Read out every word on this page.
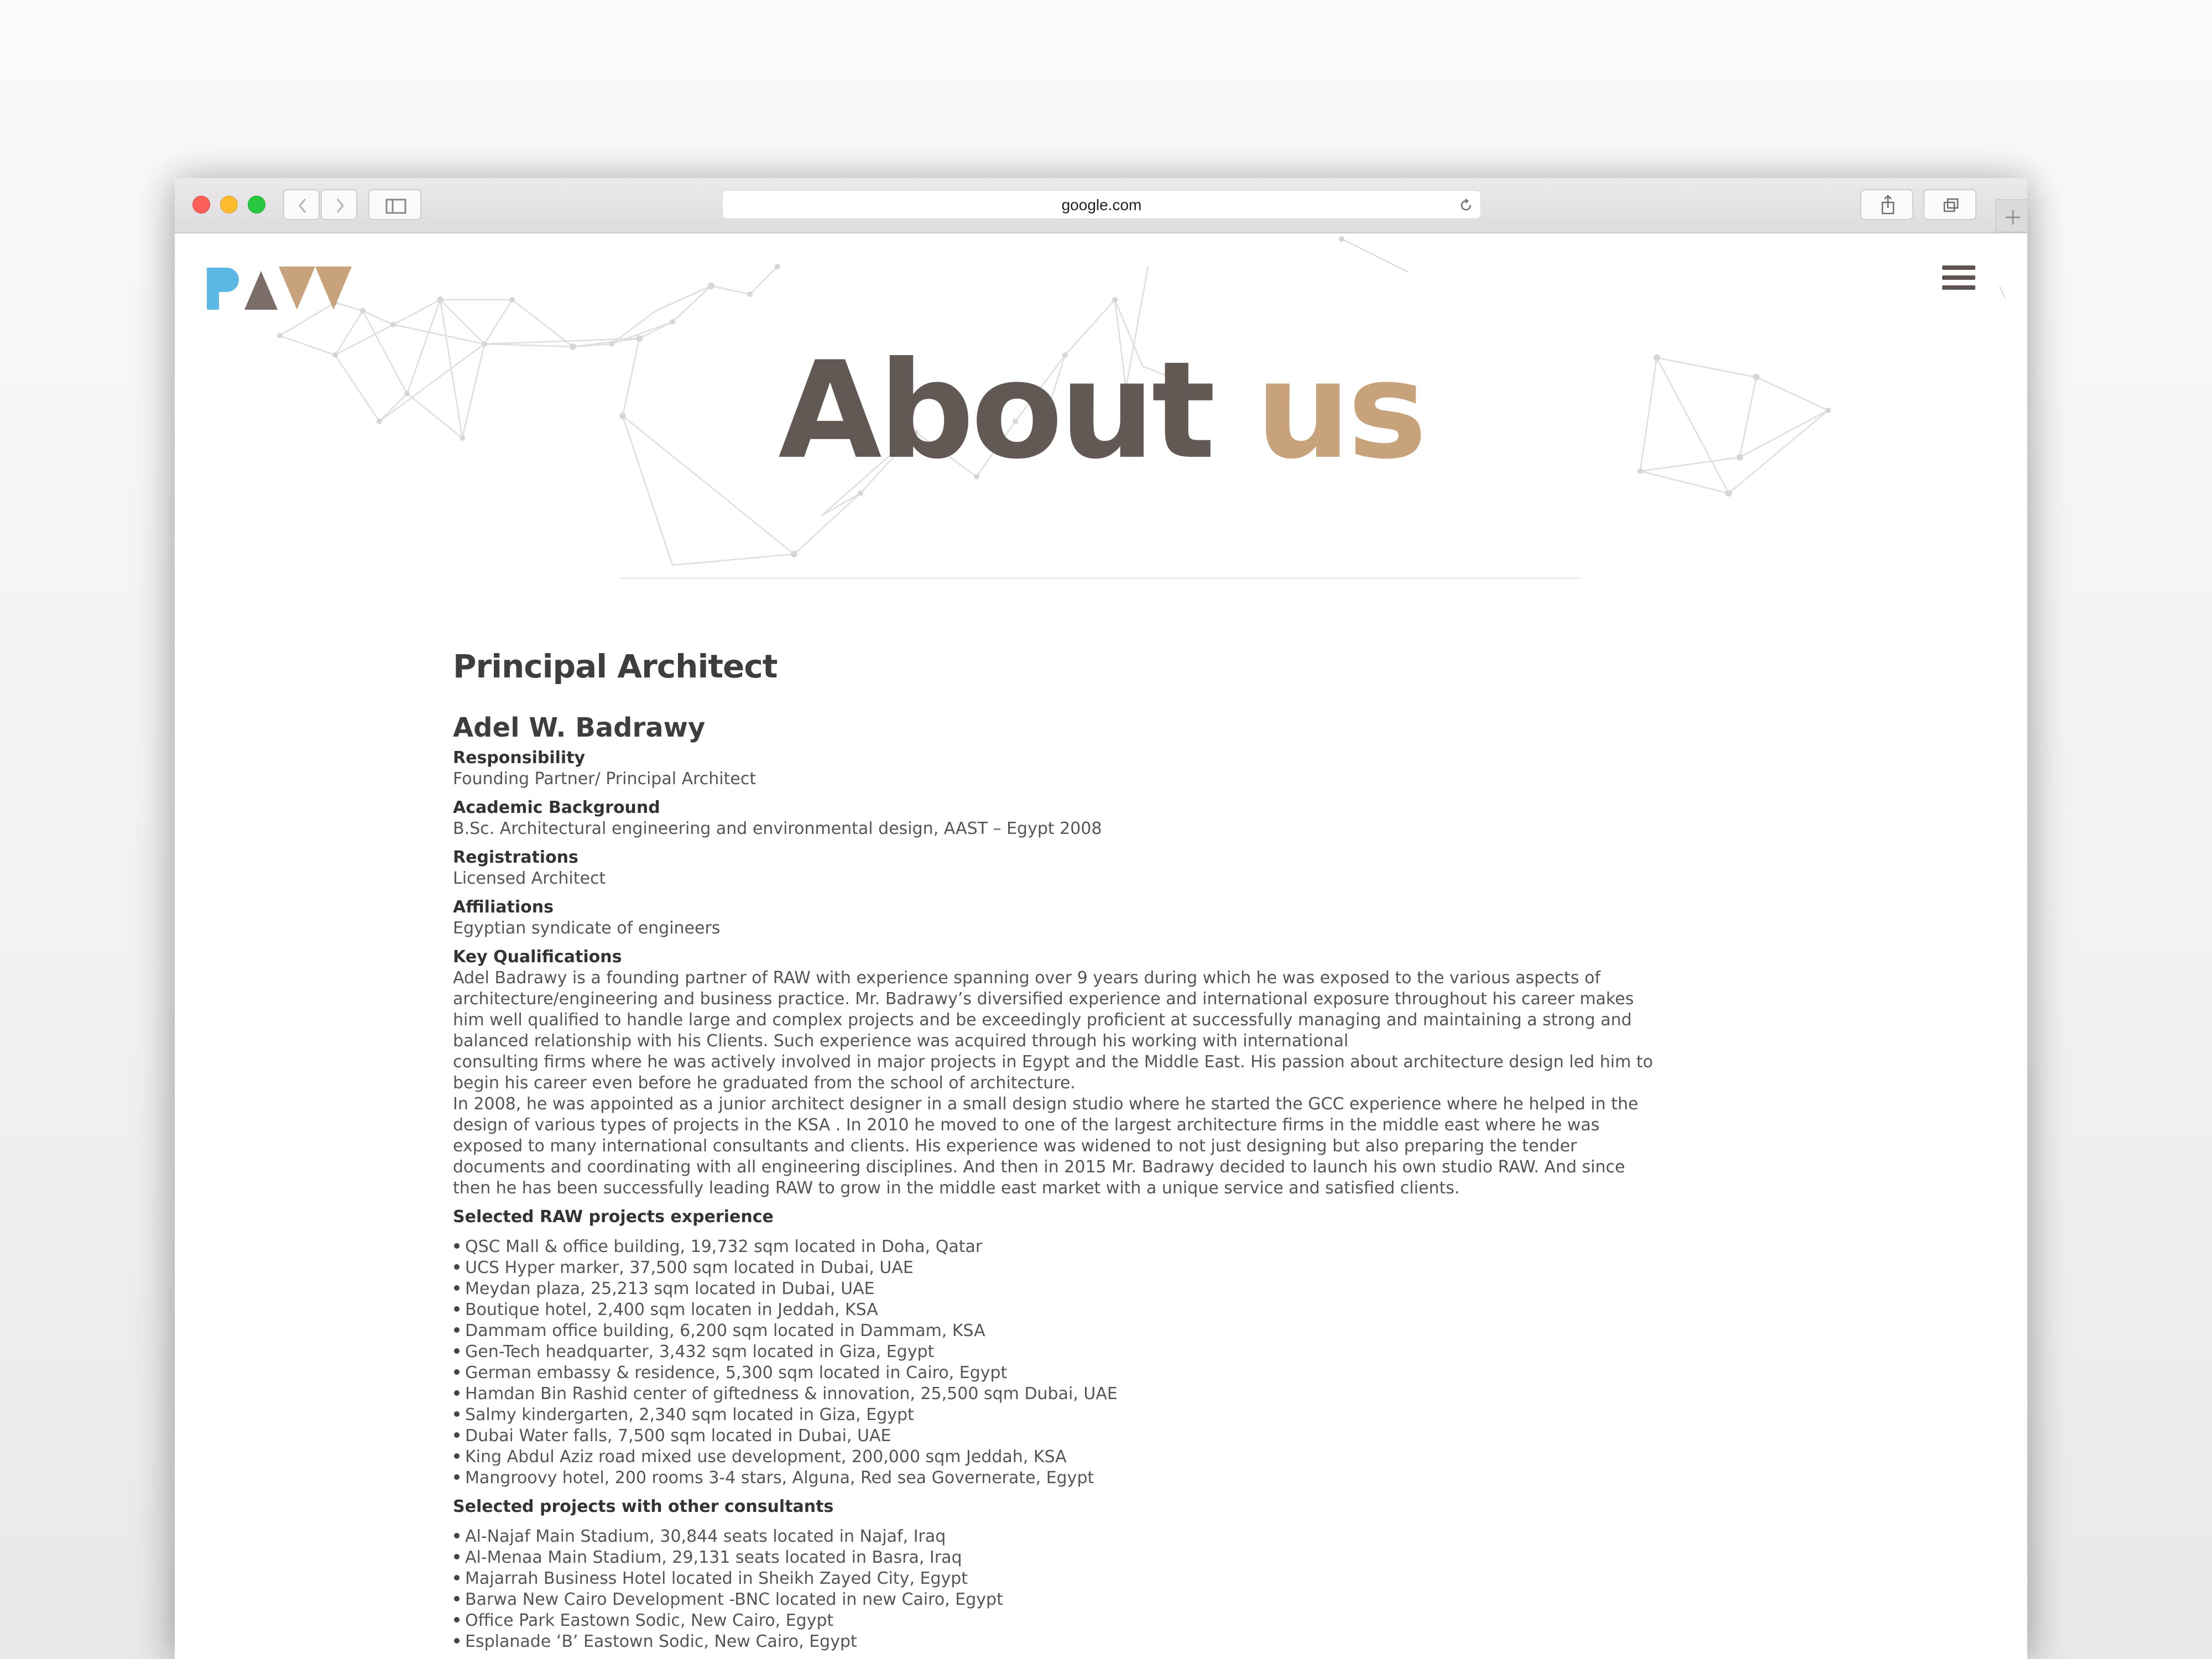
google.com
About us
Principal Architect
Adel W. Badrawy

Responsibility

Founding Partner/ Principal Architect

Academic Background

B.Sc. Architectural engineering and environmental design, AAST – Egypt 2008

Registrations

Licensed Architect

Affiliations

Egyptian syndicate of engineers

Key Qualifications

Adel Badrawy is a founding partner of RAW with experience spanning over 9 years during which he was exposed to the various aspects of

architecture/engineering and business practice. Mr. Badrawy’s diversified experience and international exposure throughout his career makes

him well qualified to handle large and complex projects and be exceedingly proficient at successfully managing and maintaining a strong and

balanced relationship with his Clients. Such experience was acquired through his working with international

consulting firms where he was actively involved in major projects in Egypt and the Middle East. His passion about architecture design led him to

begin his career even before he graduated from the school of architecture.

In 2008, he was appointed as a junior architect designer in a small design studio where he started the GCC experience where he helped in the

design of various types of projects in the KSA . In 2010 he moved to one of the largest architecture firms in the middle east where he was

exposed to many international consultants and clients. His experience was widened to not just designing but also preparing the tender

documents and coordinating with all engineering disciplines. And then in 2015 Mr. Badrawy decided to launch his own studio RAW. And since

then he has been successfully leading RAW to grow in the middle east market with a unique service and satisfied clients.

Selected RAW projects experience

QSC Mall & office building, 19,732 sqm located in Doha, Qatar
UCS Hyper marker, 37,500 sqm located in Dubai, UAE
Meydan plaza, 25,213 sqm located in Dubai, UAE
Boutique hotel, 2,400 sqm locaten in Jeddah, KSA
Dammam office building, 6,200 sqm located in Dammam, KSA
Gen-Tech headquarter, 3,432 sqm located in Giza, Egypt
German embassy & residence, 5,300 sqm located in Cairo, Egypt
Hamdan Bin Rashid center of giftedness & innovation, 25,500 sqm Dubai, UAE
Salmy kindergarten, 2,340 sqm located in Giza, Egypt
Dubai Water falls, 7,500 sqm located in Dubai, UAE
King Abdul Aziz road mixed use development, 200,000 sqm Jeddah, KSA
Mangroovy hotel, 200 rooms 3-4 stars, Alguna, Red sea Governerate, Egypt

Selected projects with other consultants

Al-Najaf Main Stadium, 30,844 seats located in Najaf, Iraq
Al-Menaa Main Stadium, 29,131 seats located in Basra, Iraq
Majarrah Business Hotel located in Sheikh Zayed City, Egypt
Barwa New Cairo Development -BNC located in new Cairo, Egypt
Office Park Eastown Sodic, New Cairo, Egypt
Esplanade ‘B’ Eastown Sodic, New Cairo, Egypt
